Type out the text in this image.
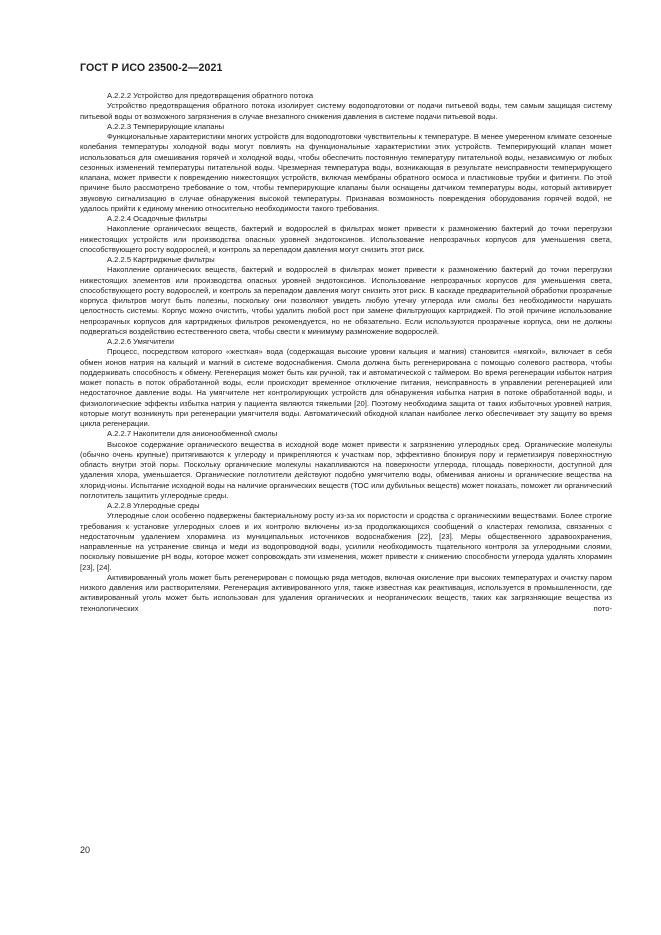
ГОСТ Р ИСО 23500-2—2021

А.2.2.2 Устройство для предотвращения обратного потока

Устройство предотвращения обратного потока изолирует систему водоподготовки от подачи питьевой воды, тем самым защищая систему питьевой воды от возможного загрязнения в случае внезапного снижения давления в системе подачи питьевой воды.

А.2.2.3 Темперирующие клапаны

Функциональные характеристики многих устройств для водоподготовки чувствительны к температуре. В менее умеренном климате сезонные колебания температуры холодной воды могут повлиять на функциональные характеристики этих устройств. Темперирующий клапан может использоваться для смешивания горячей и холодной воды, чтобы обеспечить постоянную температуру питательной воды, независимую от любых сезонных изменений температуры питательной воды. Чрезмерная температура воды, возникающая в результате неисправности темперирующего клапана, может привести к повреждению нижестоящих устройств, включая мембраны обратного осмоса и пластиковые трубки и фитинги. По этой причине было рассмотрено требование о том, чтобы темперирующие клапаны были оснащены датчиком температуры воды, который активирует звуковую сигнализацию в случае обнаружения высокой температуры. Признавая возможность повреждения оборудования горячей водой, не удалось прийти к единому мнению относительно необходимости такого требования.

А.2.2.4 Осадочные фильтры

Накопление органических веществ, бактерий и водорослей в фильтрах может привести к размножению бактерий до точки перегрузки нижестоящих устройств или производства опасных уровней эндотоксинов. Использование непрозрачных корпусов для уменьшения света, способствующего росту водорослей, и контроль за перепадом давления могут снизить этот риск.

А.2.2.5 Картриджные фильтры

Накопление органических веществ, бактерий и водорослей в фильтрах может привести к размножению бактерий до точки перегрузки нижестоящих элементов или производства опасных уровней эндотоксинов. Использование непрозрачных корпусов для уменьшения света, способствующего росту водорослей, и контроль за перепадом давления могут снизить этот риск. В каскаде предварительной обработки прозрачные корпуса фильтров могут быть полезны, поскольку они позволяют увидеть любую утечку углерода или смолы без необходимости нарушать целостность системы. Корпус можно очистить, чтобы удалить любой рост при замене фильтрующих картриджей. По этой причине использование непрозрачных корпусов для картриджных фильтров рекомендуется, но не обязательно. Если используются прозрачные корпуса, они не должны подвергаться воздействию естественного света, чтобы свести к минимуму размножение водорослей.

А.2.2.6 Умягчители

Процесс, посредством которого «жесткая» вода (содержащая высокие уровни кальция и магния) становится «мягкой», включает в себя обмен ионов натрия на кальций и магний в системе водоснабжения. Смола должна быть регенерирована с помощью солевого раствора, чтобы поддерживать способность к обмену. Регенерация может быть как ручной, так и автоматической с таймером. Во время регенерации избыток натрия может попасть в поток обработанной воды, если происходит временное отключение питания, неисправность в управлении регенерацией или недостаточное давление воды. На умягчителе нет контролирующих устройств для обнаружения избытка натрия в потоке обработанной воды, и физиологические эффекты избытка натрия у пациента являются тяжелыми [20]. Поэтому необходима защита от таких избыточных уровней натрия, которые могут возникнуть при регенерации умягчителя воды. Автоматический обходной клапан наиболее легко обеспечивает эту защиту во время цикла регенерации.

А.2.2.7 Накопители для анионообменной смолы

Высокое содержание органического вещества в исходной воде может привести к загрязнению углеродных сред. Органические молекулы (обычно очень крупные) притягиваются к углероду и прикрепляются к участкам пор, эффективно блокируя пору и герметизируя поверхностную область внутри этой поры. Поскольку органические молекулы накапливаются на поверхности углерода, площадь поверхности, доступной для удаления хлора, уменьшается. Органические поглотители действуют подобно умягчителю воды, обменивая анионы и органические вещества на хлорид-ионы. Испытание исходной воды на наличие органических веществ (ТОС или дубильных веществ) может показать, поможет ли органический поглотитель защитить углеродные среды.

А.2.2.8 Углеродные среды

Углеродные слои особенно подвержены бактериальному росту из-за их пористости и сродства с органическими веществами. Более строгие требования к установке углеродных слоев и их контролю включены из-за продолжающихся сообщений о кластерах гемолиза, связанных с недостаточным удалением хлорамина из муниципальных источников водоснабжения [22], [23]. Меры общественного здравоохранения, направленные на устранение свинца и меди из водопроводной воды, усилили необходимость тщательного контроля за углеродными слоями, поскольку повышение pH воды, которое может сопровождать эти изменения, может привести к снижению способности углерода удалять хлорамин [23], [24].

Активированный уголь может быть регенерирован с помощью ряда методов, включая окисление при высоких температурах и очистку паром низкого давления или растворителями. Регенерация активированного угля, также известная как реактивация, используется в промышленности, где активированный уголь может быть использован для удаления органических и неорганических веществ, таких как загрязняющие вещества из технологических пото-

20
